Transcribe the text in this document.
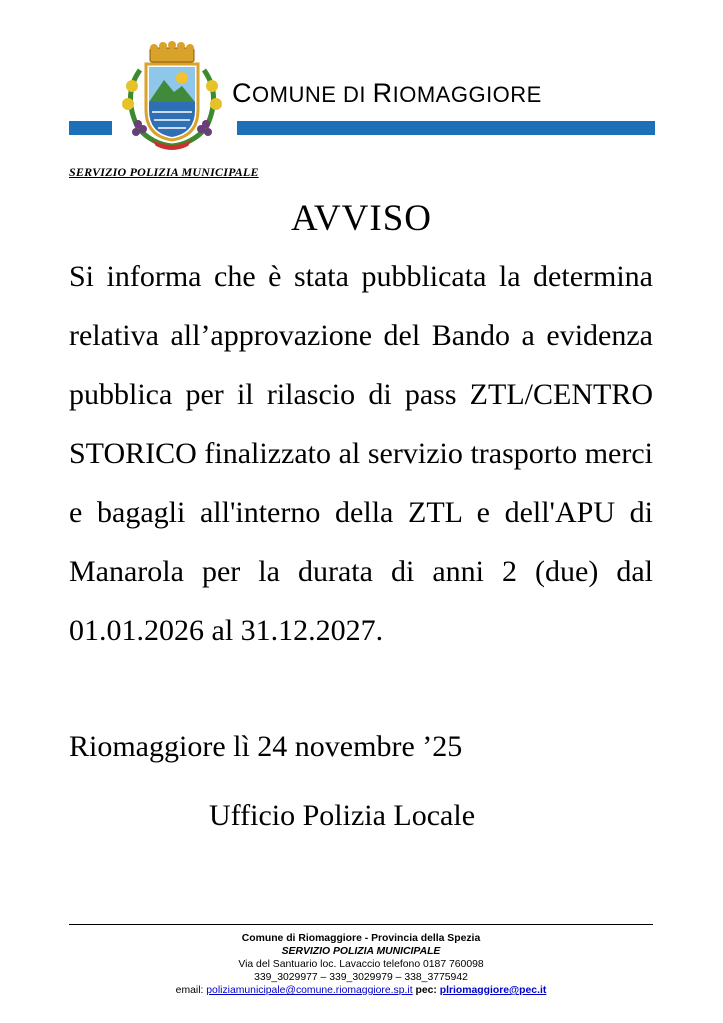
COMUNE DI RIOMAGGIORE
SERVIZIO POLIZIA MUNICIPALE
AVVISO

Si informa che è stata pubblicata la determina relativa all’approvazione del Bando a evidenza pubblica per il rilascio di pass ZTL/CENTRO STORICO finalizzato al servizio trasporto merci e bagagli all'interno della ZTL e dell'APU di Manarola per la durata di anni 2 (due) dal 01.01.2026 al 31.12.2027.

Riomaggiore lì 24 novembre ’25
Ufficio Polizia Locale
Comune di Riomaggiore - Provincia della Spezia
SERVIZIO POLIZIA MUNICIPALE
Via del Santuario loc. Lavaccio telefono 0187 760098
339_3029977 – 339_3029979 – 338_3775942
email: poliziamunicipale@comune.riomaggiore.sp.it pec: plriomaggiore@pec.it
